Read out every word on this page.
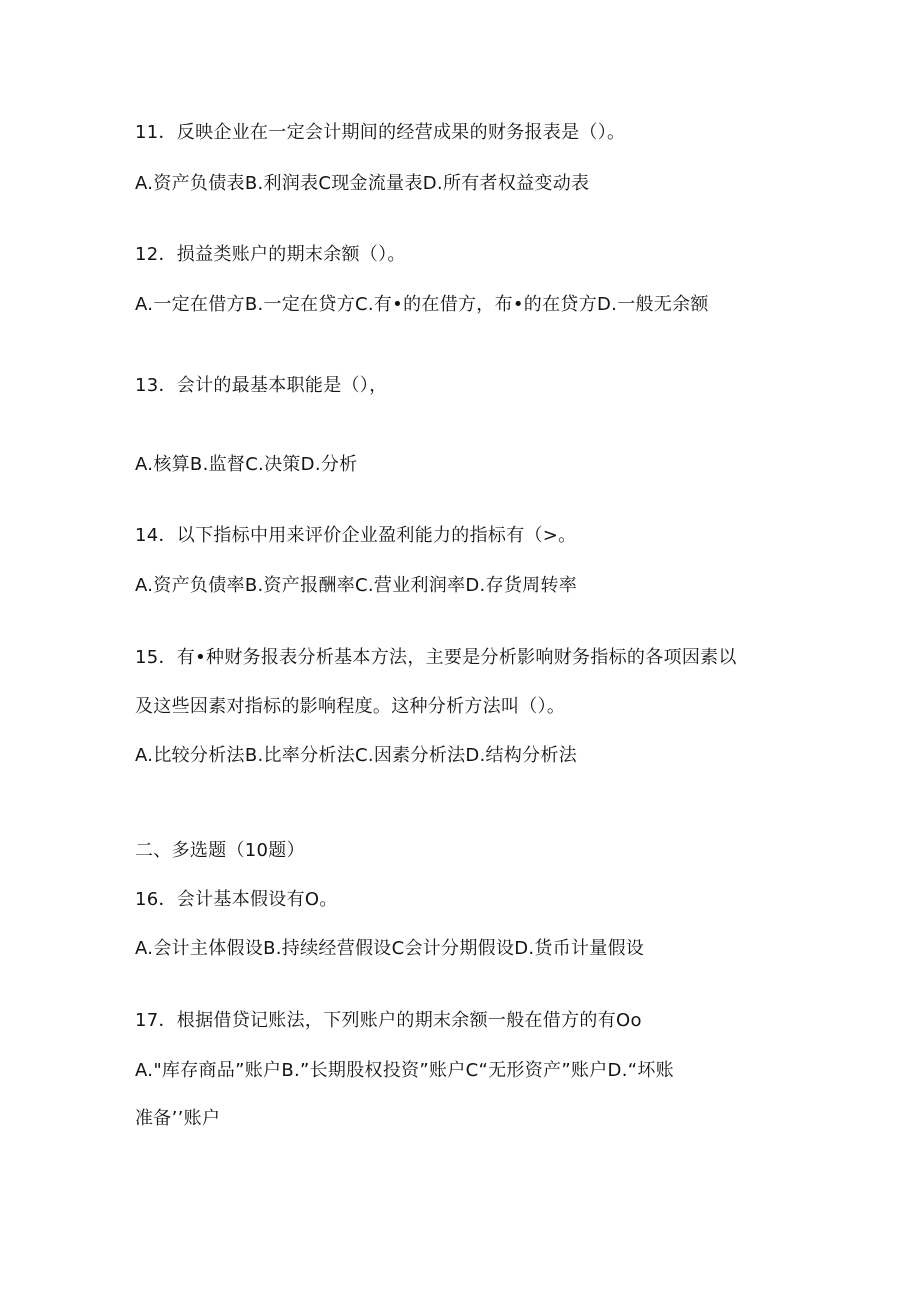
11．反映企业在一定会计期间的经营成果的财务报表是（）。
A.资产负债表B.利润表C现金流量表D.所有者权益变动表
12．损益类账户的期末余额（）。
A.一定在借方B.一定在贷方C.有•的在借方，布•的在贷方D.一般无余额
13．会计的最基本职能是（），
A.核算B.监督C.决策D.分析
14．以下指标中用来评价企业盈利能力的指标有（>。
A.资产负债率B.资产报酬率C.营业利润率D.存货周转率
15．有•种财务报表分析基本方法，主要是分析影响财务指标的各项因素以
及这些因素对指标的影响程度。这种分析方法叫（）。
A.比较分析法B.比率分析法C.因素分析法D.结构分析法
二、多选题（10题）
16．会计基本假设有O。
A.会计主体假设B.持续经营假设C会计分期假设D.货币计量假设
17．根据借贷记账法，下列账户的期末余额一般在借方的有Oo
A."库存商品”账户B.”长期股权投资”账户C“无形资产”账户D.“坏账
准备’’账户
